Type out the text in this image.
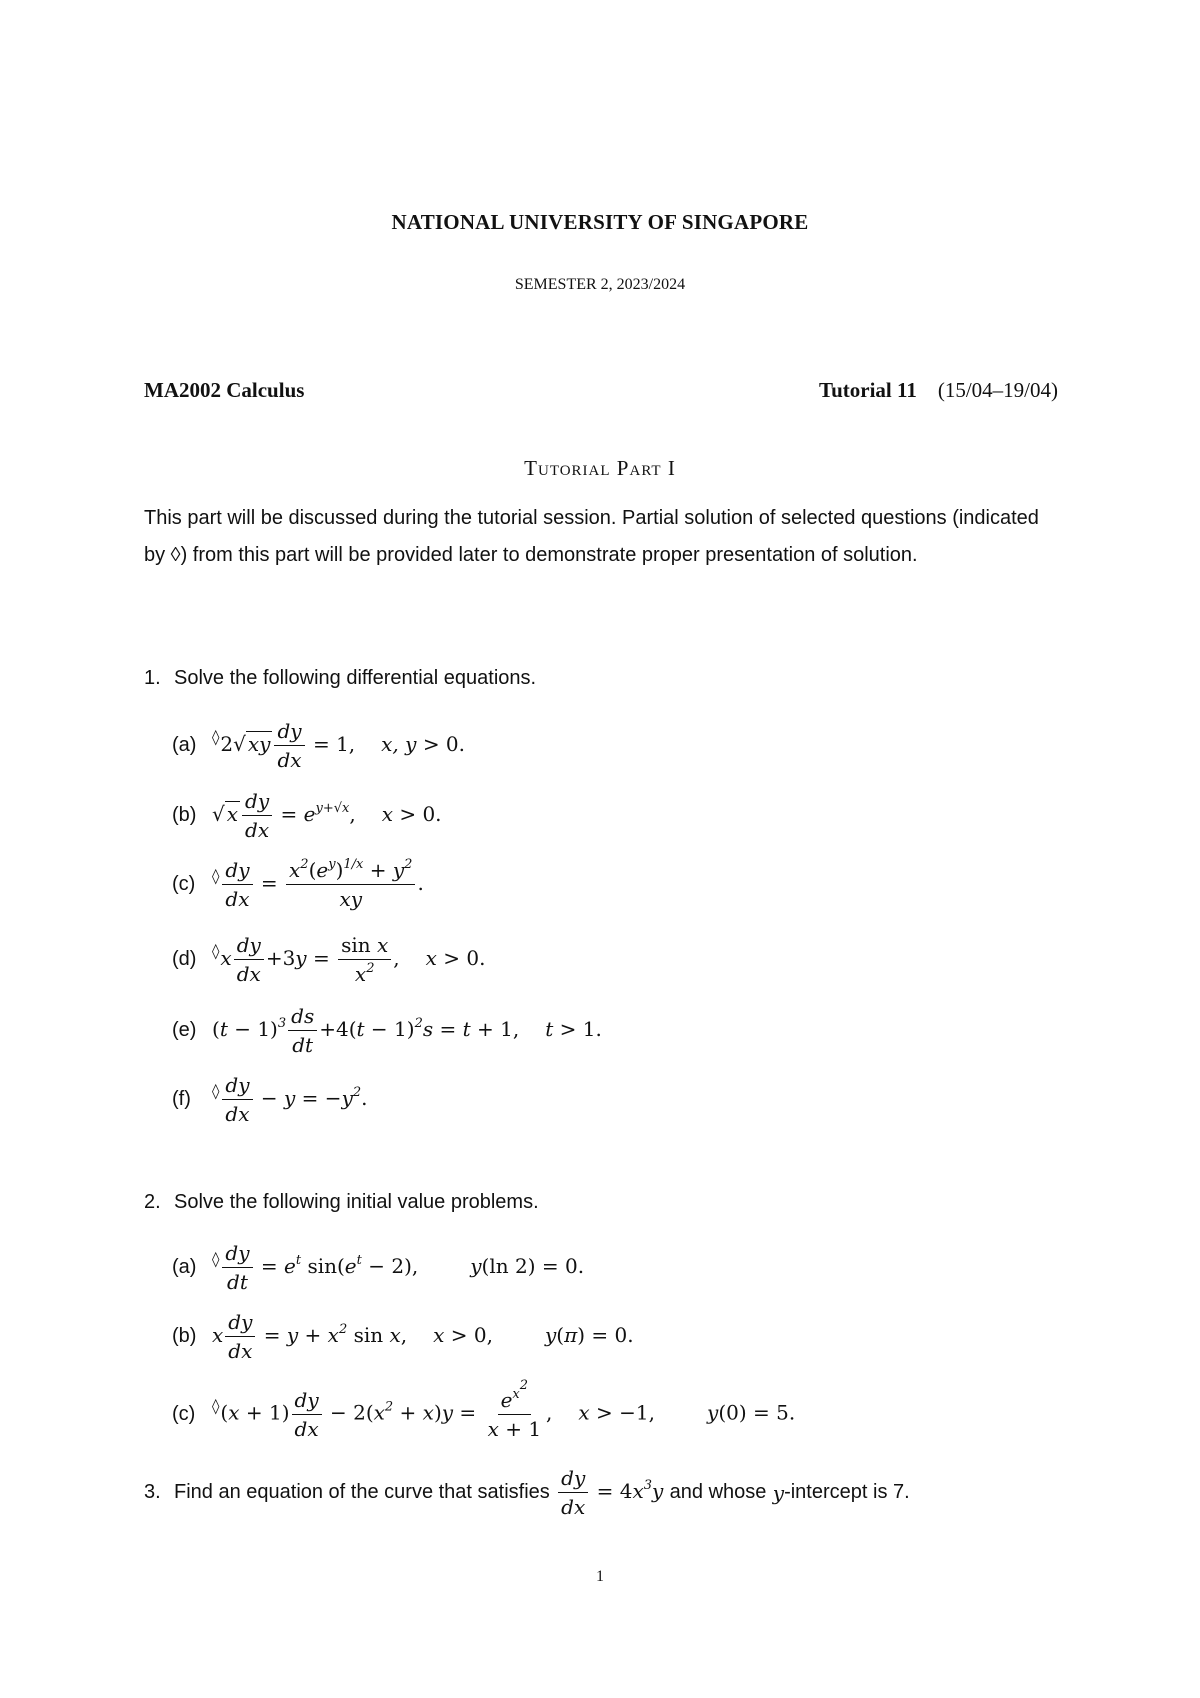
NATIONAL UNIVERSITY OF SINGAPORE
SEMESTER 2, 2023/2024
MA2002 Calculus	Tutorial 11 (15/04–19/04)
Tutorial Part I
This part will be discussed during the tutorial session. Partial solution of selected questions (indicated by ◊) from this part will be provided later to demonstrate proper presentation of solution.
1. Solve the following differential equations.
(a)	◊2√ xy $\frac{dy}{dx} = 1$, x, y > 0.
(b) √ x $\frac{dy}{dx} = e^{y+√x}$, x > 0.
(c)	$^◊ \frac{dy}{dx} = \frac{x^2(e^y)^{1/x} + y^2}{xy}$ .
(d)	$^◊x \frac{dy}{dx} +3y = \frac{\text{sin x}}{x^2}$ , x > 0.
(e) $(t - 1)^3 \frac{ds}{dt} +4(t - 1)^2s = t + 1$, t > 1.
(f)	$^◊ \frac{dy}{dx} - y = -y^2$.
2. Solve the following initial value problems.
(a)	$^◊ \frac{dy}{dt} = e^t$ $\sin(e^t - 2)$,	y(ln 2) = 0.
(b) x $\frac{dy}{dx} = y + x^2$ sin x, x > 0,	y(π) = 0.
(c)	$^◊(x + 1) \frac{dy}{dx} - 2(x^2 + x)y = \frac{e^{x^2}}{x + 1}$ , x > −1,	y(0) = 5.
3. Find an equation of the curve that satisfies
$\frac{dy}{dx} = 4x^3y$ and whose y -intercept is 7.
1
